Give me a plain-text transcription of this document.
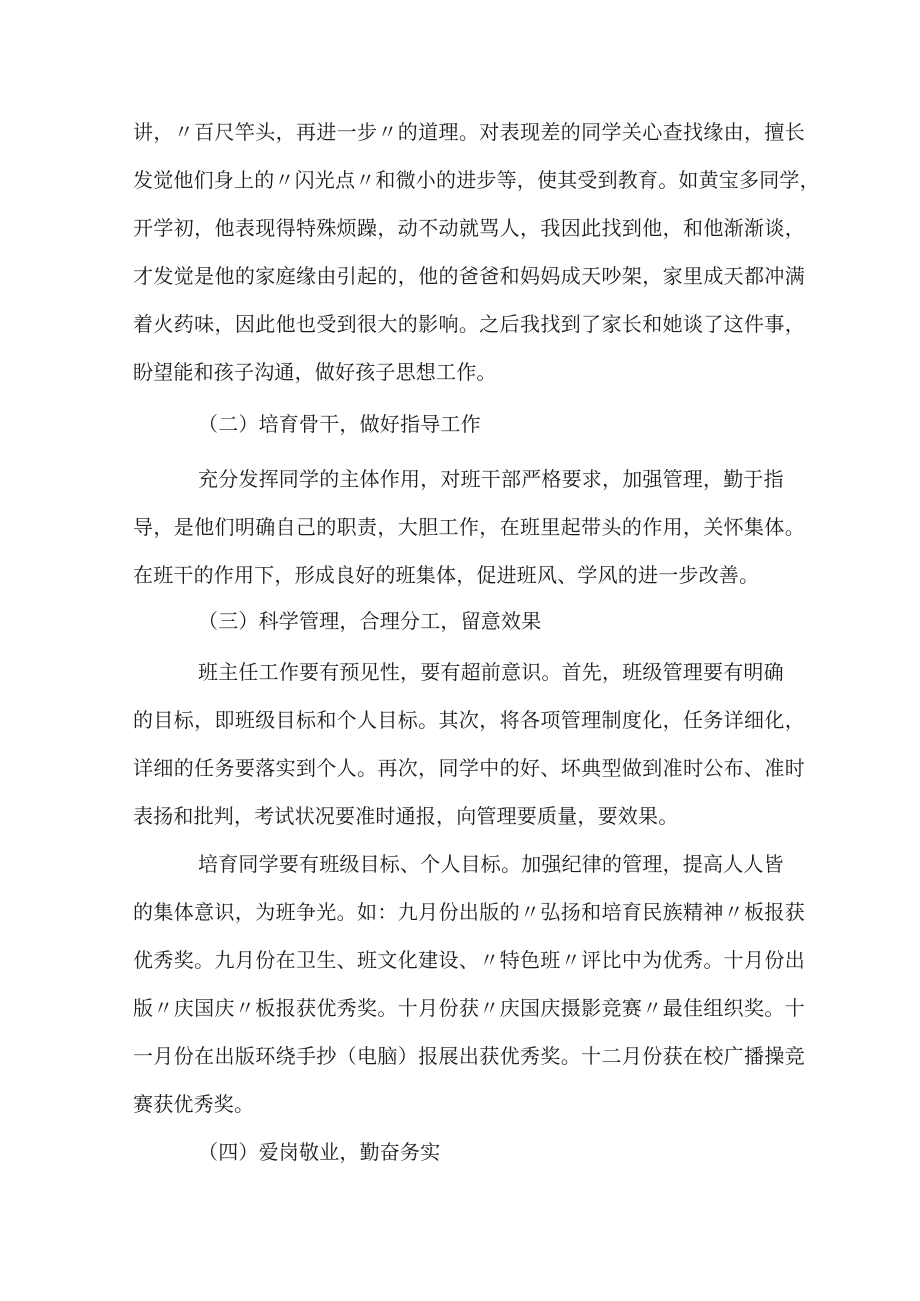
讲，〃百尺竿头，再进一步〃的道理。对表现差的同学关心查找缘由，擅长
发觉他们身上的〃闪光点〃和微小的进步等，使其受到教育。如黄宝多同学，
开学初，他表现得特殊烦躁，动不动就骂人，我因此找到他，和他渐渐谈，
才发觉是他的家庭缘由引起的，他的爸爸和妈妈成天吵架，家里成天都冲满
着火药味，因此他也受到很大的影响。之后我找到了家长和她谈了这件事，
盼望能和孩子沟通，做好孩子思想工作。
（二）培育骨干，做好指导工作
充分发挥同学的主体作用，对班干部严格要求，加强管理，勤于指
导，是他们明确自己的职责，大胆工作，在班里起带头的作用，关怀集体。
在班干的作用下，形成良好的班集体，促进班风、学风的进一步改善。
（三）科学管理，合理分工，留意效果
班主任工作要有预见性，要有超前意识。首先，班级管理要有明确
的目标，即班级目标和个人目标。其次，将各项管理制度化，任务详细化，
详细的任务要落实到个人。再次，同学中的好、坏典型做到准时公布、准时
表扬和批判，考试状况要准时通报，向管理要质量，要效果。
培育同学要有班级目标、个人目标。加强纪律的管理，提高人人皆
的集体意识，为班争光。如：九月份出版的〃弘扬和培育民族精神〃板报获
优秀奖。九月份在卫生、班文化建设、〃特色班〃评比中为优秀。十月份出
版〃庆国庆〃板报获优秀奖。十月份获〃庆国庆摄影竞赛〃最佳组织奖。十
一月份在出版环绕手抄（电脑）报展出获优秀奖。十二月份获在校广播操竞
赛获优秀奖。
（四）爱岗敬业，勤奋务实
